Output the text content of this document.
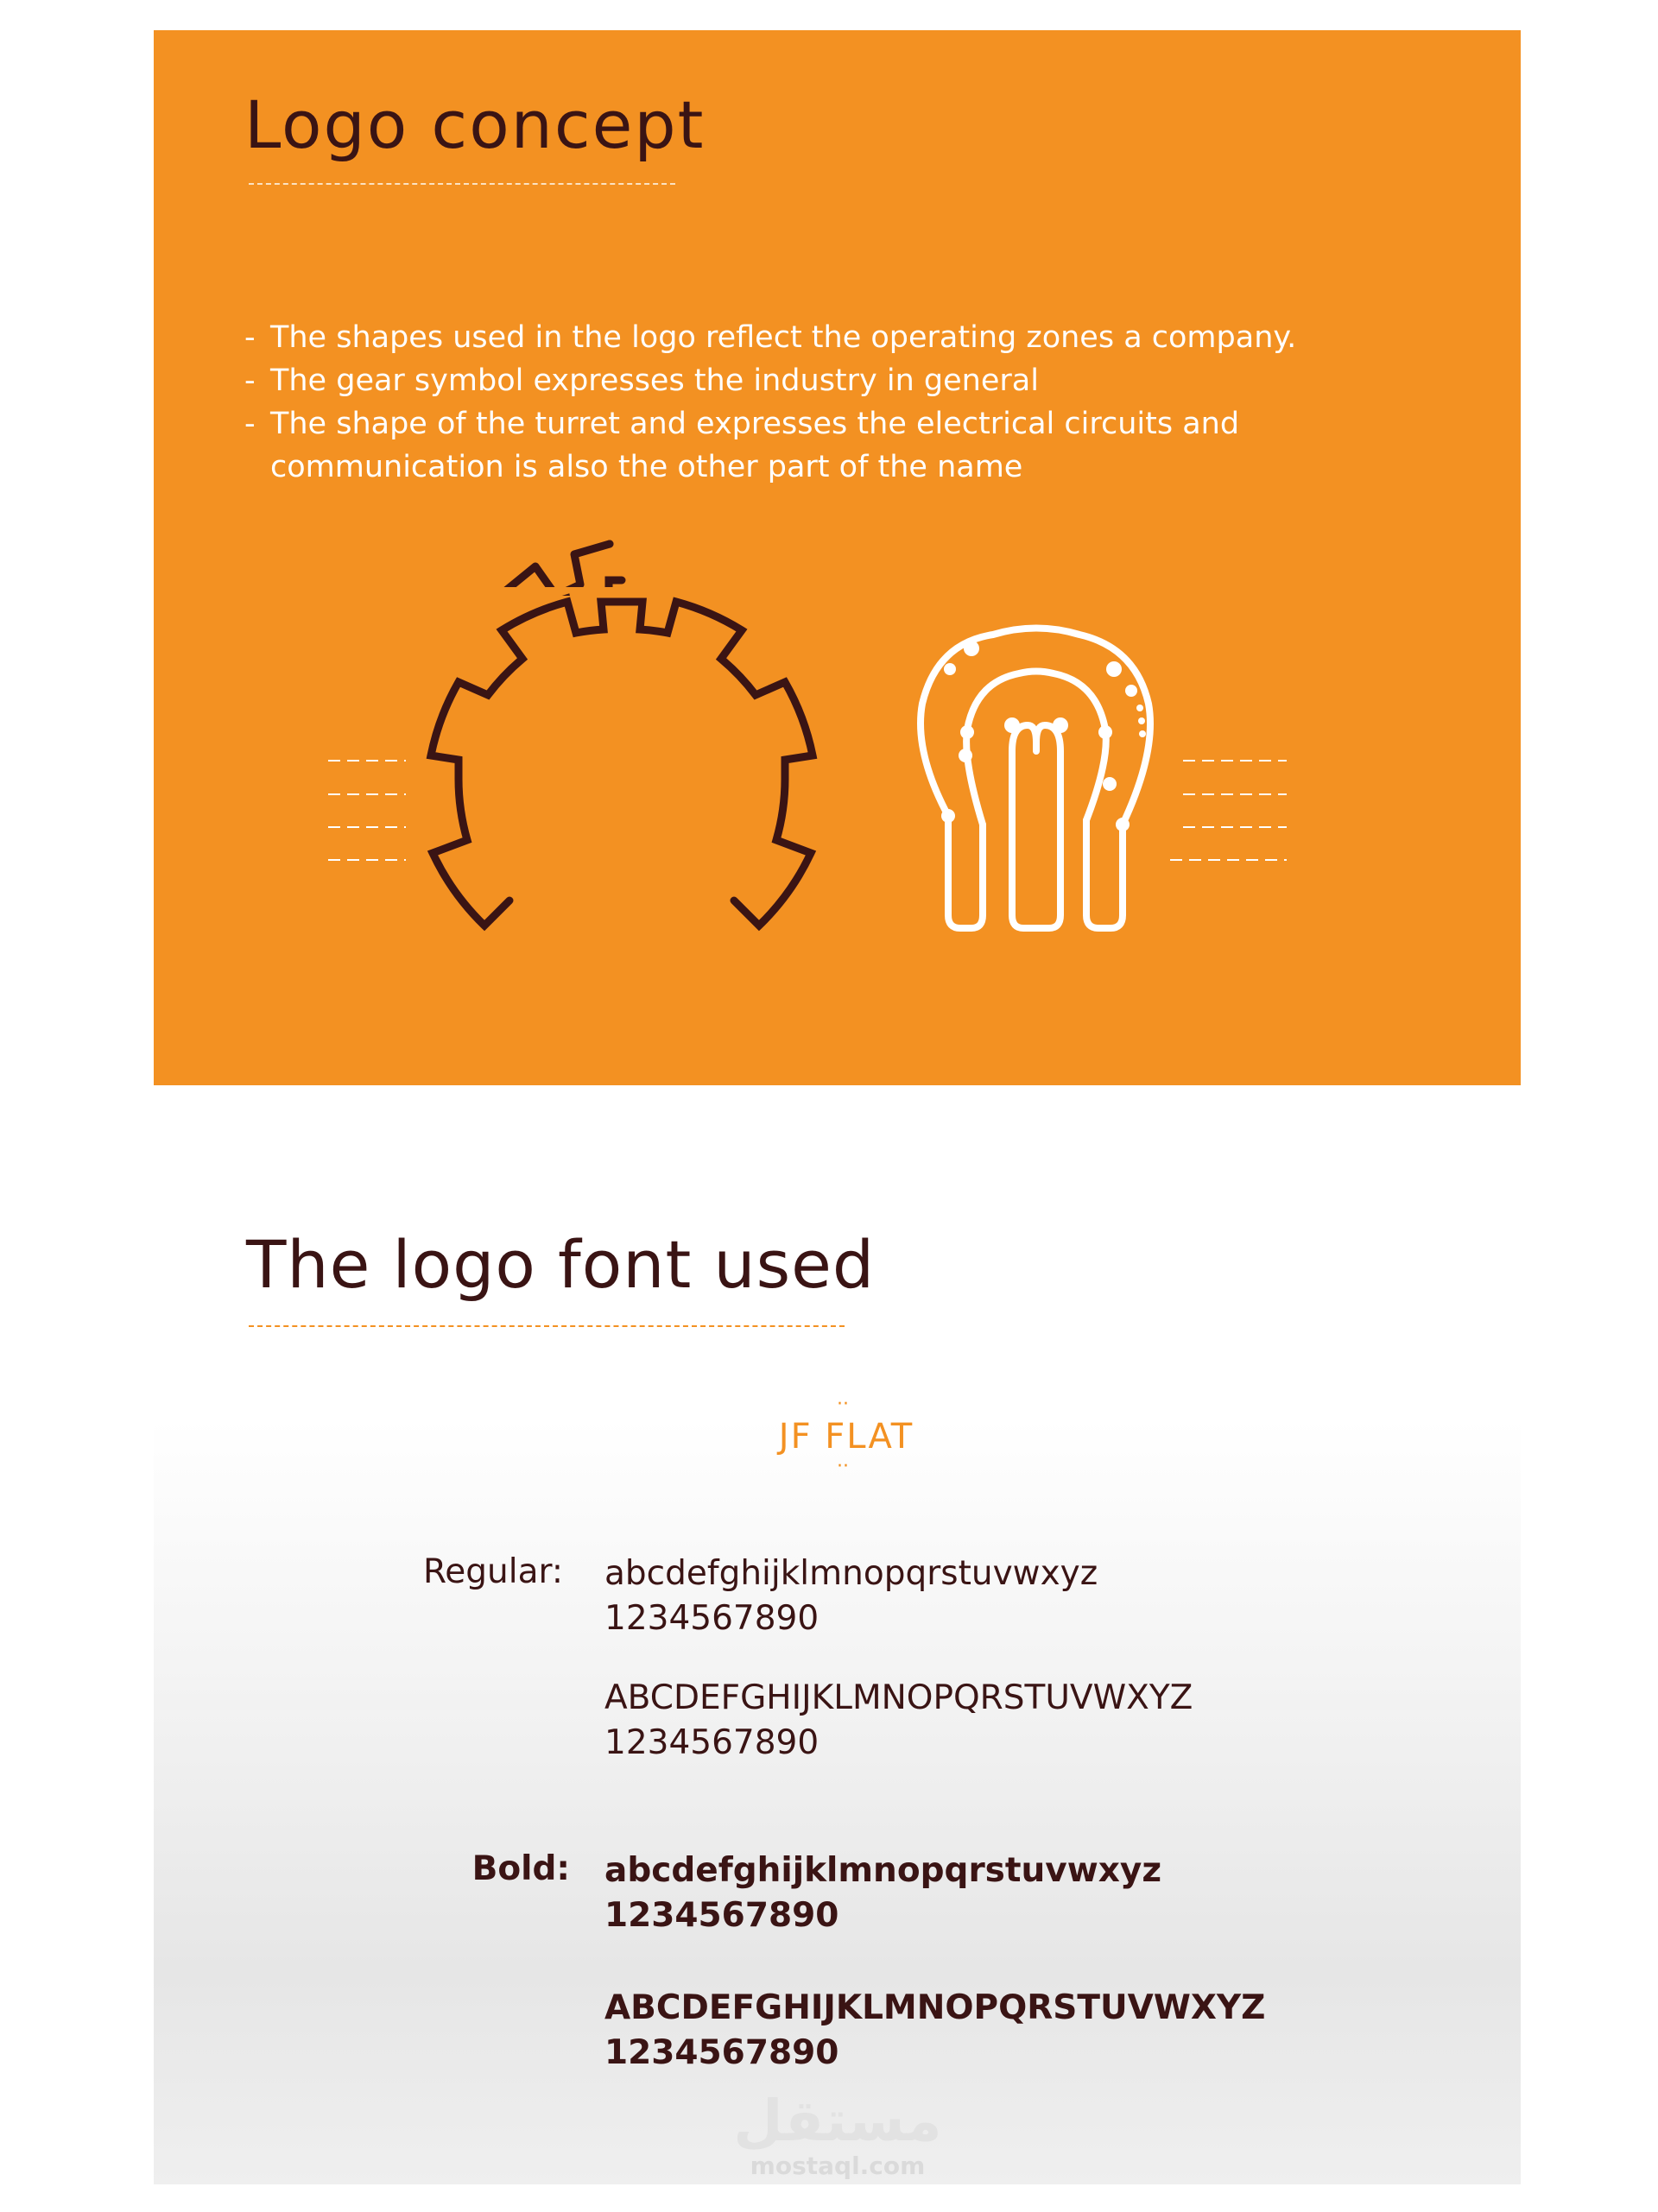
Logo concept
- The shapes used in the logo reflect the operating zones a company.
- The gear symbol expresses the industry in general
- The shape of the turret and expresses the electrical circuits and
communication is also the other part of the name
The logo font used
··
JF FLAT
··
Regular: abcdefghijklmnopqrstuvwxyz
1234567890
ABCDEFGHIJKLMNOPQRSTUVWXYZ
1234567890
Bold: abcdefghijklmnopqrstuvwxyz
1234567890
ABCDEFGHIJKLMNOPQRSTUVWXYZ
1234567890
مستقل
mostaql.com
